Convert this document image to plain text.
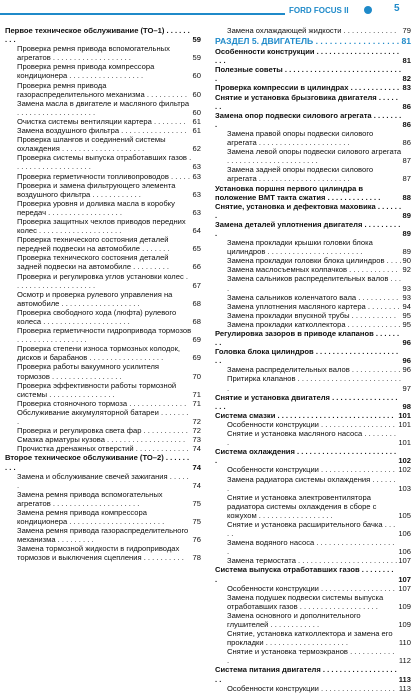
FORD FOCUS II	5
Первое техническое обслуживание (ТО–1) . . . . . . . . .	59
Проверка ремня привода вспомогательных агрегатов . . . . . . . . . . . . . . . . . . .	59
Проверка ремня привода компрессора кондиционера . . . . . . . . . . . . . . . . . .	60
Проверка ремня привода газораспределительного механизма . . . . . . . . . . 60
Замена масла в двигателе и масляного фильтра . . . . . . . . . . . . . . . . . . .	60
Очистка системы вентиляции картера . . . . . . . . 61
Замена воздушного фильтра . . . . . . . . . . . . . . . . 61
Проверка шлангов и соединений системы охлаждения . . . . . . . . . . . . . . . . . . . .	62
Проверка системы выпуска отработавших газов . . . . . . . . . . . . . . . . . . .	63
Проверка герметичности топливопроводов . . . . . 63
Проверка и замена фильтрующего элемента воздушного фильтра . . . . . . . . . . . .	63
Проверка уровня и доливка масла в коробку передач . . . . . . . . . . . . . . . . . .	63
Проверка защитных чехлов приводов передних колес . . . . . . . . . . . . . . . . . . . .	64
Проверка технического состояния деталей передней подвески на автомобиле . . . . . . .	65
Проверка технического состояния деталей задней подвески на автомобиле . . . . . . . . .	66
Проверка и регулировка углов установки колес . . . . . . . . . . . . . . . . . . . .	67
Осмотр и проверка рулевого управления на автомобиле . . . . . . . . . . . . . . . . . . .	68
Проверка свободного хода (люфта) рулевого колеса . . . . . . . . . . . . . . . . . . . . .	68
Проверка герметичности гидропривода тормозов . . . . . . . . . . . . . . . . .	69
Проверка степени износа тормозных колодок, дисков и барабанов . . . . . . . . . . . . . . . . . .	69
Проверка работы вакуумного усилителя тормозов . . . . . . . . . . . . . . . . .	70
Проверка эффективности работы тормозной системы . . . . . . . . . . . . . . . .	71
Проверка стояночного тормоза . . . . . . . . . . . . . . 71
Обслуживание аккумуляторной батареи . . . . . . . .	72
Проверка и регулировка света фар . . . . . . . . . . . 72
Смазка арматуры кузова . . . . . . . . . . . . . . . . . . . 73
Прочистка дренажных отверстий . . . . . . . . . . . . . 74
Второе техническое обслуживание (ТО–2) . . . . . . . . .	74
Замена и обслуживание свечей зажигания . . . . . .	74
Замена ремня привода вспомогательных агрегатов . . . . . . . . . . . . . . . . . . . . .	75
Замена ремня привода компрессора кондиционера . . . . . . . . . . . . . . . . . . . . . . .	75
Замена ремня привода газораспределительного механизма . . . . . . . . .	76
Замена тормозной жидкости в гидроприводах тормозов и выключения сцепления . . . . . . . . . .	78
Замена охлаждающей жидкости . . . . . . . . . . . . . 79
РАЗДЕЛ 5. ДВИГАТЕЛЬ . . . . . . . . . . . . . . . . . . 81
Особенности конструкции . . . . . . . . . . . . . . . . . . . . . . .	81
Полезные советы . . . . . . . . . . . . . . . . . . . . . . . . . . . . .	82
Проверка компрессии в цилиндрах . . . . . . . . . . . . 83
Снятие и установка брызговика двигателя . . . . . . .	86
Замена опор подвески силового агрегата . . . . . . . .	86
Замена правой опоры подвески силового агрегата . . . . . . . . . . . . . . . . . . . . . .	86
Замена левой опоры подвески силового агрегата . . . . . . . . . . . . . . . . . . . . . .	87
Замена задней опоры подвески силового агрегата . . . . . . . . . . . . . . . . . . . . . .	87
Установка поршня первого цилиндра в положение ВМТ такта сжатия . . . . . . . . . . . . .	88
Снятие, установка и дефектовка маховика . . . . . . .	89
Замена деталей уплотнения двигателя . . . . . . . . . .	89
Замена прокладки крышки головки блока цилиндров . . . . . . . . . . . . . . . . . . . . . . .	89
Замена прокладки головки блока цилиндров . . . . 90
Замена маслосъемных колпачков . . . . . . . . . . . . 92
Замена сальников распределительных валов . . . .	93
Замена сальников коленчатого вала . . . . . . . . . . 93
Замена уплотнения масляного картера . . . . . . . . 94
Замена прокладки впускной трубы . . . . . . . . . . . 95
Замена прокладки катколлектора . . . . . . . . . . . . . 95
Регулировка зазоров в приводе клапанов . . . . . . . .	96
Головка блока цилиндров . . . . . . . . . . . . . . . . . . . . . .	96
Замена распределительных валов . . . . . . . . . . . . 96
Притирка клапанов . . . . . . . . . . . . . . . . . . . . . . . . . .	97
Снятие и установка двигателя . . . . . . . . . . . . . . . . . . .	98
Система смазки . . . . . . . . . . . . . . . . . . . . . . . . . . . . 101
Особенности конструкции . . . . . . . . . . . . . . . . . . 101
Снятие и установка масляного насоса . . . . . . . . .	101
Система охлаждения . . . . . . . . . . . . . . . . . . . . . . . . .	102
Особенности конструкции . . . . . . . . . . . . . . . . . . 102
Замена радиатора системы охлаждения . . . . . . .	103
Снятие и установка электровентилятора радиатора системы охлаждения в сборе с кожухом . . . . . . . . . . . . . . . . . .	105
Снятие и установка расширительного бачка . . . . .	106
Замена водяного насоса . . . . . . . . . . . . . . . . . . . .	106
Замена термостата . . . . . . . . . . . . . . . . . . . . . . . . 107
Система выпуска отработавших газов . . . . . . . . .	107
Особенности конструкции . . . . . . . . . . . . . . . . . . 107
Замена подушек подвески системы выпуска отработавших газов . . . . . . . . . . . . . . . . . . .	109
Замена основного и дополнительного глушителей . . . . . . . . . . . .	109
Снятие, установка катколлектора и замена его прокладки . . . . . . . . . . . . . . . . . . . .	110
Снятие и установка термоэкранов . . . . . . . . . . . .	112
Система питания двигателя . . . . . . . . . . . . . . . . . . . .	113
Особенности конструкции . . . . . . . . . . . . . . . . . . 113
